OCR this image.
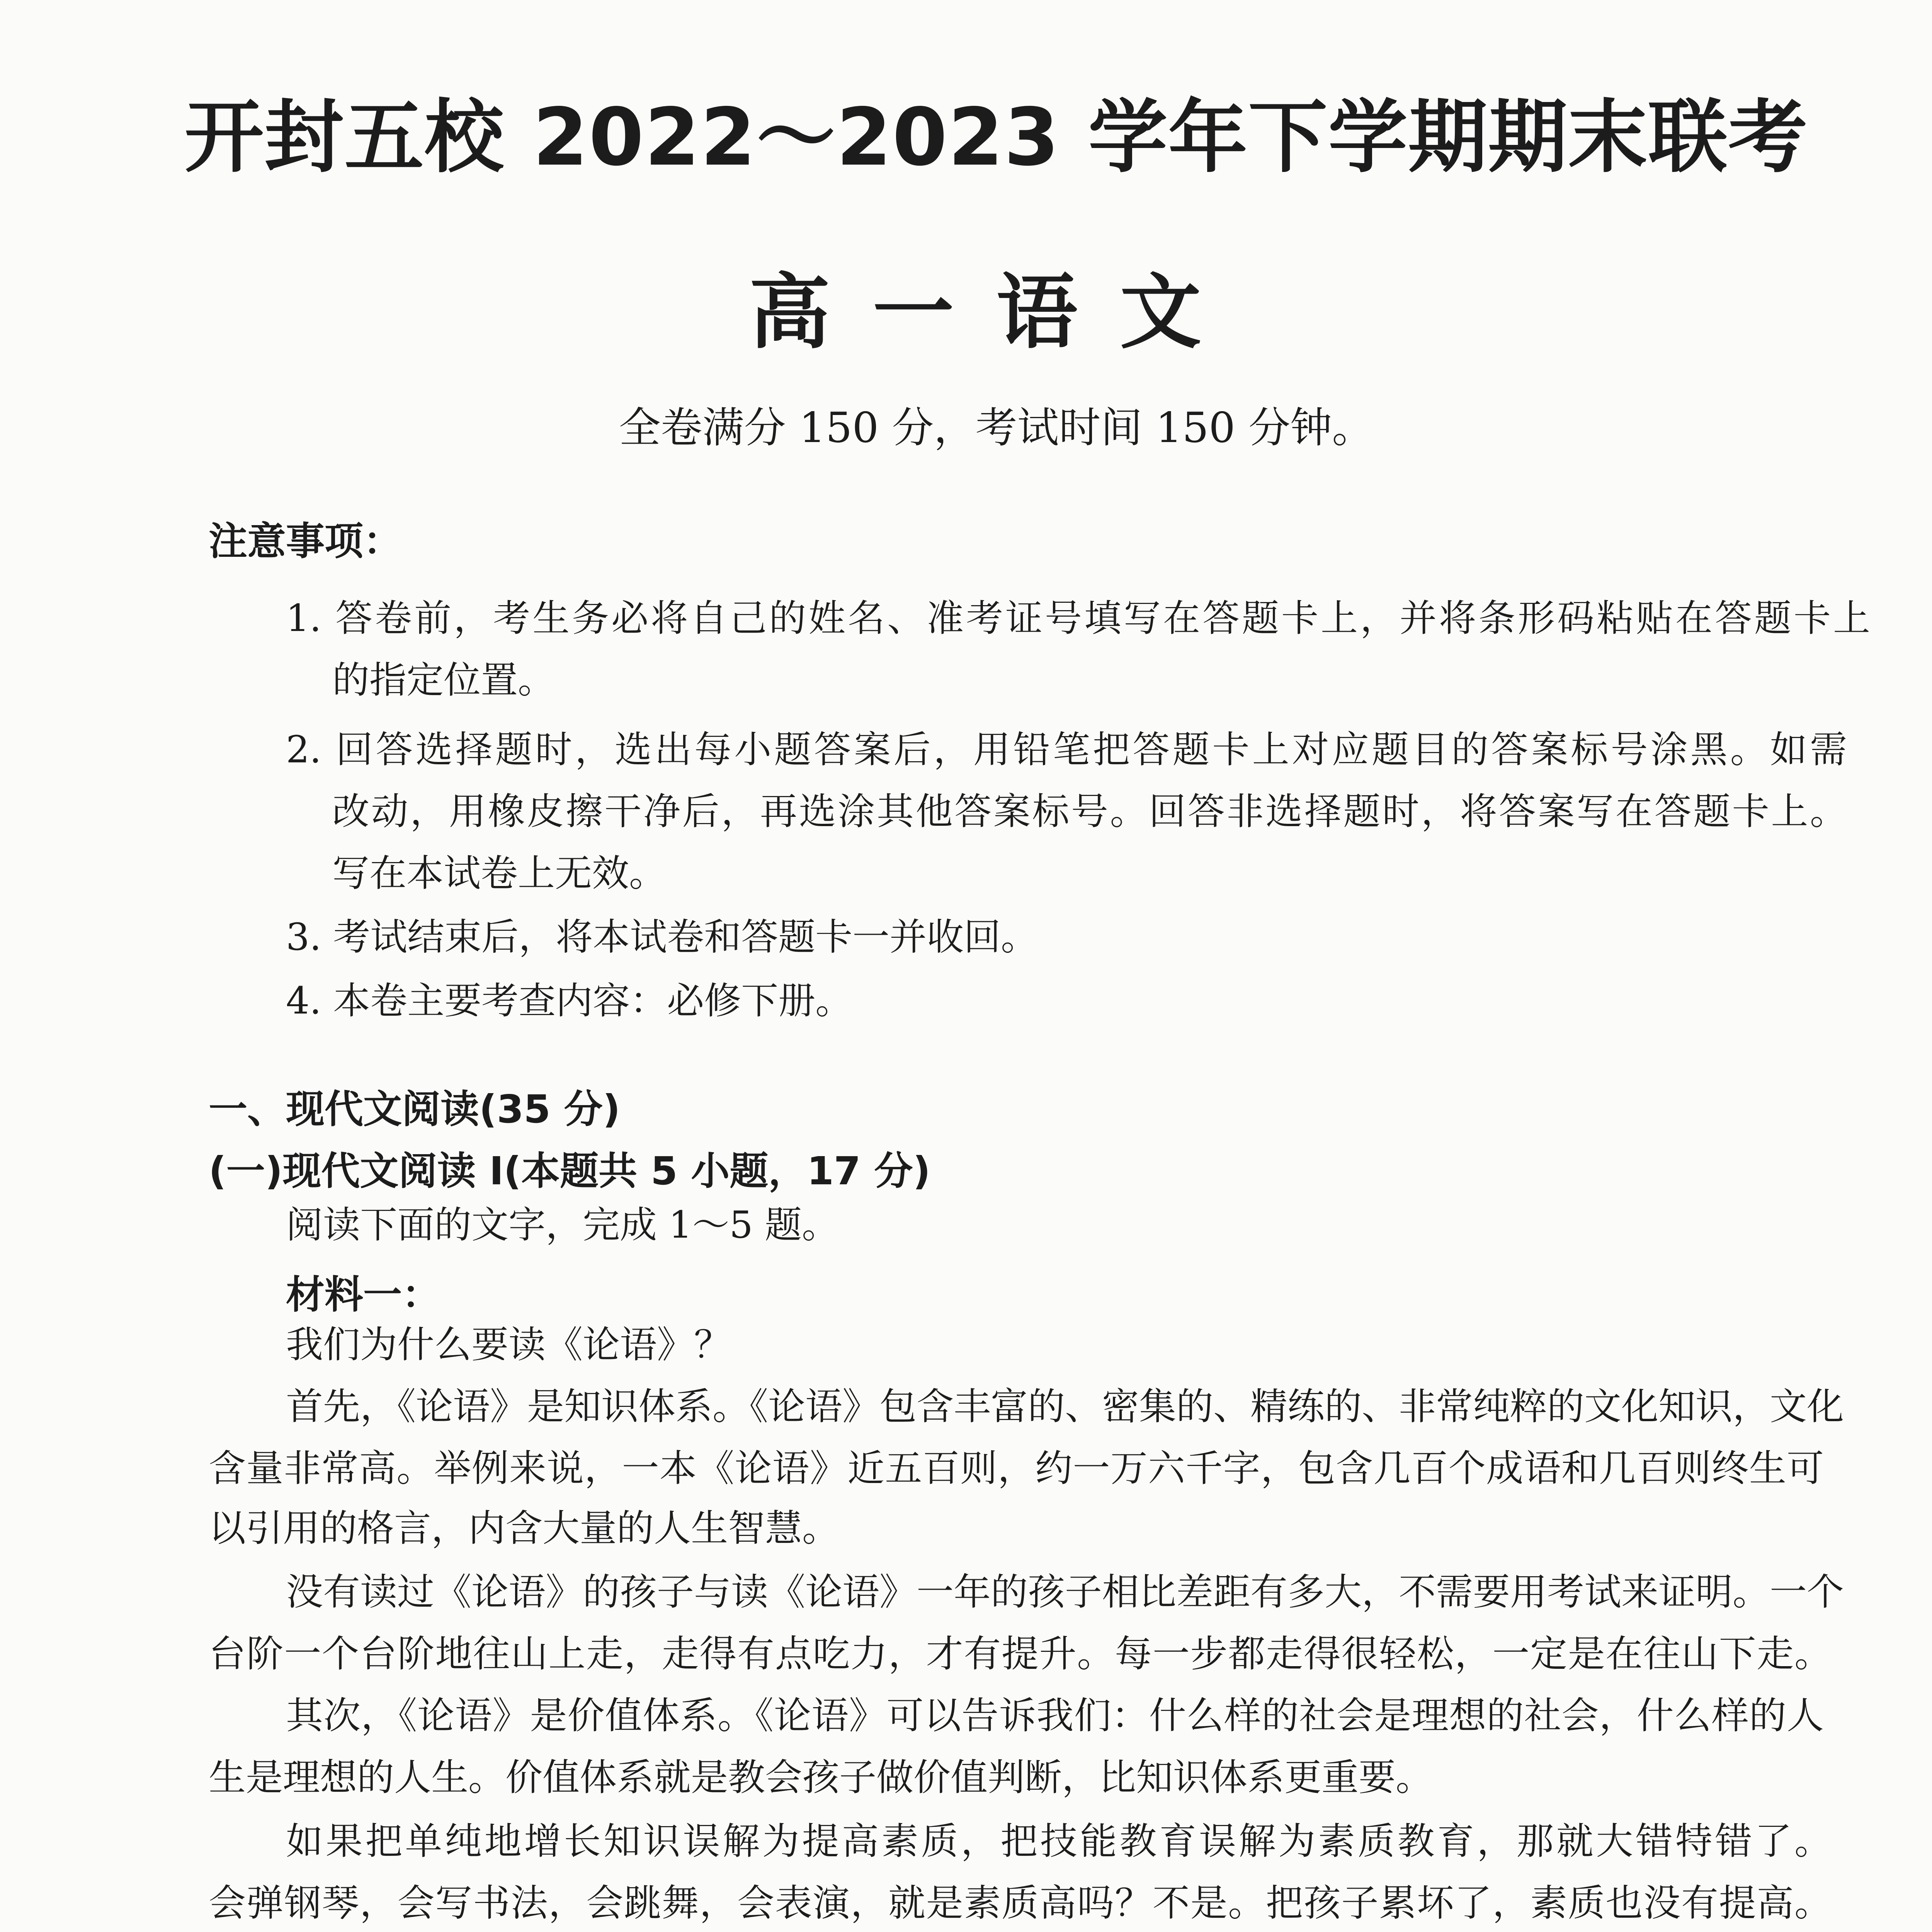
开封五校 2022～2023 学年下学期期末联考
高一语文
全卷满分 150 分，考试时间 150 分钟。
注意事项：
1. 答卷前，考生务必将自己的姓名、准考证号填写在答题卡上，并将条形码粘贴在答题卡上
的指定位置。
2. 回答选择题时，选出每小题答案后，用铅笔把答题卡上对应题目的答案标号涂黑。如需
改动，用橡皮擦干净后，再选涂其他答案标号。回答非选择题时，将答案写在答题卡上。
写在本试卷上无效。
3. 考试结束后，将本试卷和答题卡一并收回。
4. 本卷主要考查内容：必修下册。
一、现代文阅读(35 分)
(一)现代文阅读 Ⅰ(本题共 5 小题，17 分)
阅读下面的文字，完成 1～5 题。
材料一：
我们为什么要读《论语》？
首先，《论语》是知识体系。《论语》包含丰富的、密集的、精练的、非常纯粹的文化知识，文化
含量非常高。举例来说，一本《论语》近五百则，约一万六千字，包含几百个成语和几百则终生可
以引用的格言，内含大量的人生智慧。
没有读过《论语》的孩子与读《论语》一年的孩子相比差距有多大，不需要用考试来证明。一个
台阶一个台阶地往山上走，走得有点吃力，才有提升。每一步都走得很轻松，一定是在往山下走。
其次，《论语》是价值体系。《论语》可以告诉我们：什么样的社会是理想的社会，什么样的人
生是理想的人生。价值体系就是教会孩子做价值判断，比知识体系更重要。
如果把单纯地增长知识误解为提高素质，把技能教育误解为素质教育，那就大错特错了。
会弹钢琴，会写书法，会跳舞，会表演，就是素质高吗？不是。把孩子累坏了，素质也没有提高。
